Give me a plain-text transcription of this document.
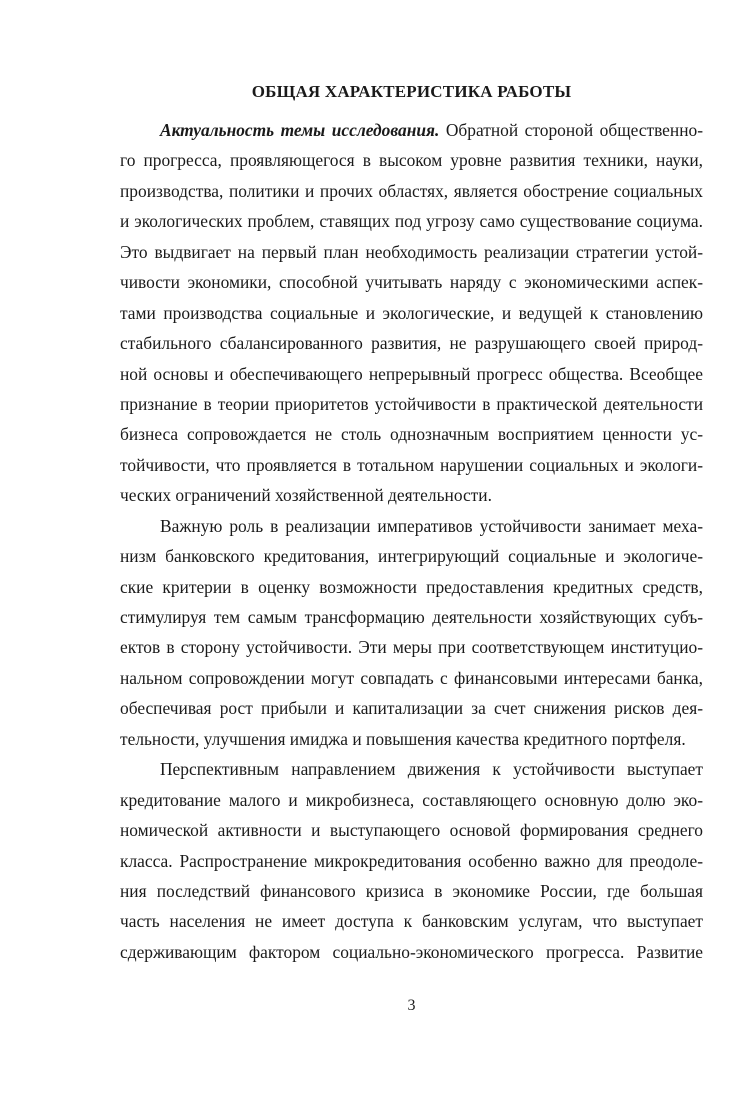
ОБЩАЯ ХАРАКТЕРИСТИКА РАБОТЫ
Актуальность темы исследования. Обратной стороной общественно-
го прогресса, проявляющегося в высоком уровне развития техники, науки,
производства, политики и прочих областях, является обострение социальных
и экологических проблем, ставящих под угрозу само существование социума.
Это выдвигает на первый план необходимость реализации стратегии устой-
чивости экономики, способной учитывать наряду с экономическими аспек-
тами производства социальные и экологические, и ведущей к становлению
стабильного сбалансированного развития, не разрушающего своей природ-
ной основы и обеспечивающего непрерывный прогресс общества. Всеобщее
признание в теории приоритетов устойчивости в практической деятельности
бизнеса сопровождается не столь однозначным восприятием ценности ус-
тойчивости, что проявляется в тотальном нарушении социальных и экологи-
ческих ограничений хозяйственной деятельности.
Важную роль в реализации императивов устойчивости занимает меха-
низм банковского кредитования, интегрирующий социальные и экологиче-
ские критерии в оценку возможности предоставления кредитных средств,
стимулируя тем самым трансформацию деятельности хозяйствующих субъ-
ектов в сторону устойчивости. Эти меры при соответствующем институцио-
нальном сопровождении могут совпадать с финансовыми интересами банка,
обеспечивая рост прибыли и капитализации за счет снижения рисков дея-
тельности, улучшения имиджа и повышения качества кредитного портфеля.
Перспективным направлением движения к устойчивости выступает
кредитование малого и микробизнеса, составляющего основную долю эко-
номической активности и выступающего основой формирования среднего
класса. Распространение микрокредитования особенно важно для преодоле-
ния последствий финансового кризиса в экономике России, где большая
часть населения не имеет доступа к банковским услугам, что выступает
сдерживающим фактором социально-экономического прогресса. Развитие
3
